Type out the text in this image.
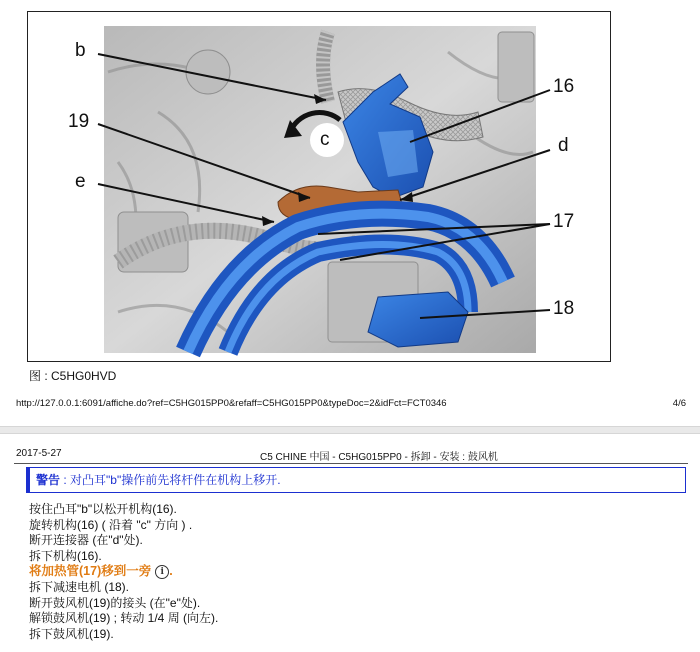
b
19
e
c
16
d
17
18
图 : C5HG0HVD
http://127.0.0.1:6091/affiche.do?ref=C5HG015PP0&refaff=C5HG015PP0&typeDoc=2&idFct=FCT0346	4/6
2017-5-27	C5 CHINE 中国 - C5HG015PP0 - 拆卸 - 安装 : 鼓风机
警告 : 对凸耳"b"操作前先将杆件在机构上移开.
按住凸耳"b"以松开机构(16).
旋转机构(16) ( 沿着 "c" 方向 ) .
断开连接器 (在"d"处).
拆下机构(16).
将加热管(17)移到一旁 i .
拆下减速电机 (18).
断开鼓风机(19)的接头 (在"e"处).
解锁鼓风机(19) ; 转动 1/4 周 (向左).
拆下鼓风机(19).
